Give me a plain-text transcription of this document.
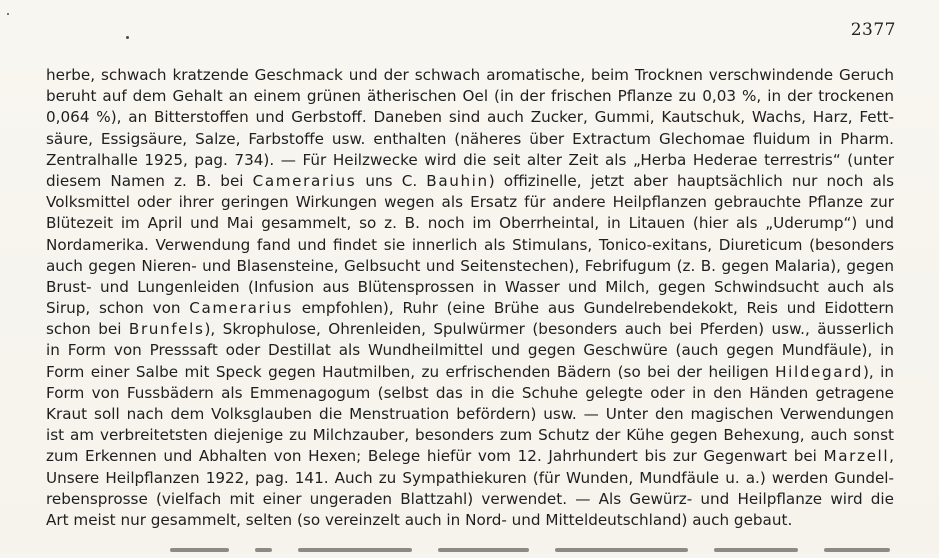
2377
herbe, schwach kratzende Geschmack und der schwach aromatische, beim Trocknen verschwindende Geruch
beruht auf dem Gehalt an einem grünen ätherischen Oel (in der frischen Pflanze zu 0,03 %, in der trockenen
0,064 %), an Bitterstoffen und Gerbstoff. Daneben sind auch Zucker, Gummi, Kautschuk, Wachs, Harz, Fett-
säure, Essigsäure, Salze, Farbstoffe usw. enthalten (näheres über Extractum Glechomae fluidum in Pharm.
Zentralhalle 1925, pag. 734). — Für Heilzwecke wird die seit alter Zeit als „Herba Hederae terrestris“ (unter
diesem Namen z. B. bei Camerarius uns C. Bauhin) offizinelle, jetzt aber hauptsächlich nur noch als
Volksmittel oder ihrer geringen Wirkungen wegen als Ersatz für andere Heilpflanzen gebrauchte Pflanze zur
Blütezeit im April und Mai gesammelt, so z. B. noch im Oberrheintal, in Litauen (hier als „Uderump“) und
Nordamerika. Verwendung fand und findet sie innerlich als Stimulans, Tonico-exitans, Diureticum (besonders
auch gegen Nieren- und Blasensteine, Gelbsucht und Seitenstechen), Febrifugum (z. B. gegen Malaria), gegen
Brust- und Lungenleiden (Infusion aus Blütensprossen in Wasser und Milch, gegen Schwindsucht auch als
Sirup, schon von Camerarius empfohlen), Ruhr (eine Brühe aus Gundelrebendekokt, Reis und Eidottern
schon bei Brunfels), Skrophulose, Ohrenleiden, Spulwürmer (besonders auch bei Pferden) usw., äusserlich
in Form von Presssaft oder Destillat als Wundheilmittel und gegen Geschwüre (auch gegen Mundfäule), in
Form einer Salbe mit Speck gegen Hautmilben, zu erfrischenden Bädern (so bei der heiligen Hildegard), in
Form von Fussbädern als Emmenagogum (selbst das in die Schuhe gelegte oder in den Händen getragene
Kraut soll nach dem Volksglauben die Menstruation befördern) usw. — Unter den magischen Verwendungen
ist am verbreitetsten diejenige zu Milchzauber, besonders zum Schutz der Kühe gegen Behexung, auch sonst
zum Erkennen und Abhalten von Hexen; Belege hiefür vom 12. Jahrhundert bis zur Gegenwart bei Marzell,
Unsere Heilpflanzen 1922, pag. 141. Auch zu Sympathiekuren (für Wunden, Mundfäule u. a.) werden Gundel-
rebensprosse (vielfach mit einer ungeraden Blattzahl) verwendet. — Als Gewürz- und Heilpflanze wird die
Art meist nur gesammelt, selten (so vereinzelt auch in Nord- und Mitteldeutschland) auch gebaut.
